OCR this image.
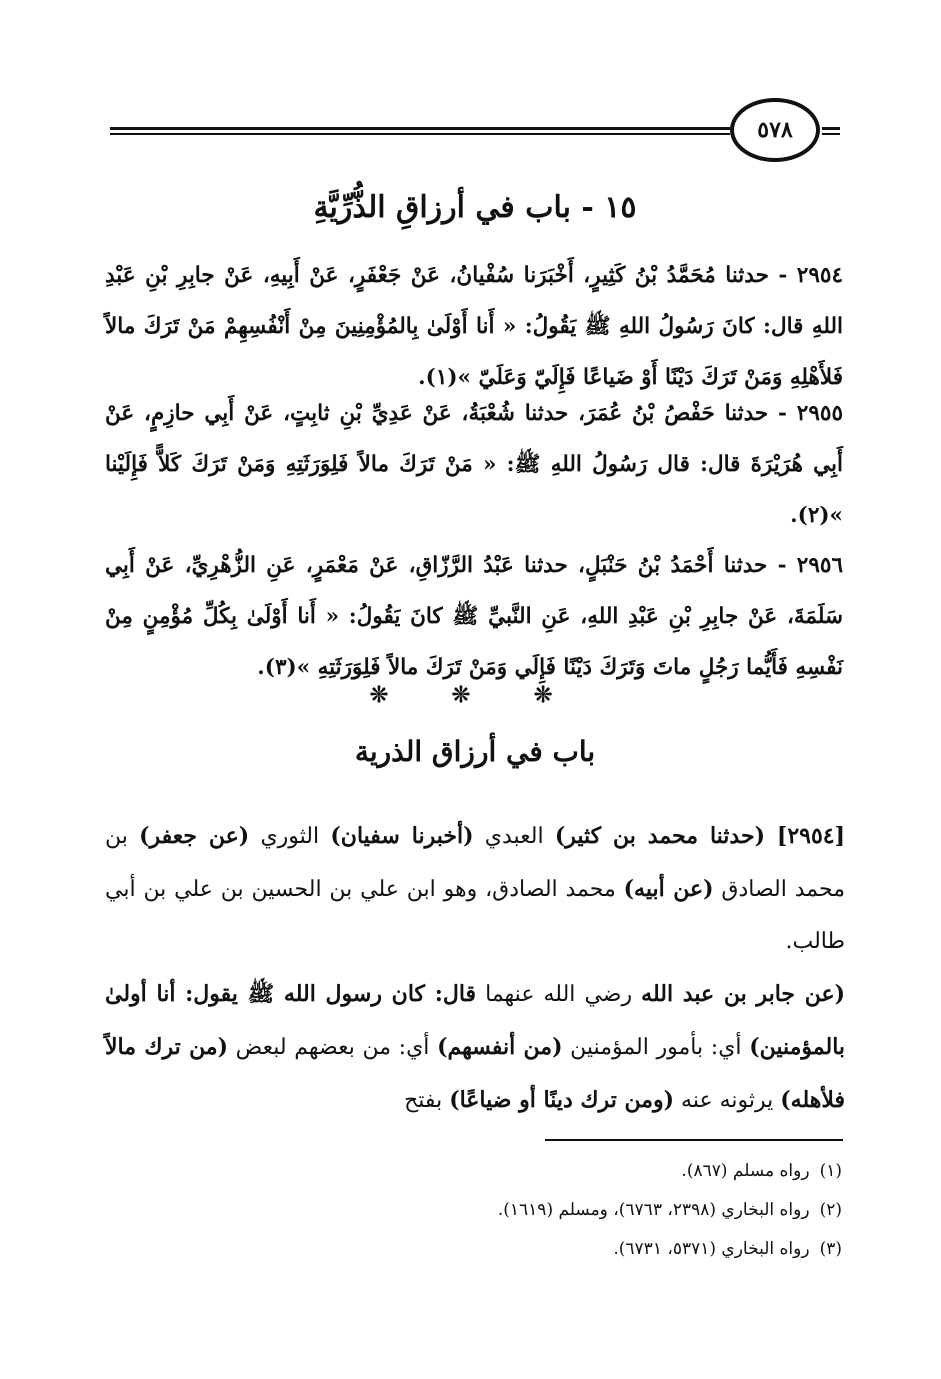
٥٧٨
١٥ - باب في أرزاقِ الذُّرِّيَّةِ
٢٩٥٤ - حدثنا مُحَمَّدُ بْنُ كَثِيرٍ، أَخْبَرَنا سُفْيانُ، عَنْ جَعْفَرٍ، عَنْ أَبِيهِ، عَنْ جابِرِ بْنِ عَبْدِ اللهِ قال: كانَ رَسُولُ اللهِ ﷺ يَقُولُ: « أَنا أَوْلَىٰ بِالمُؤْمِنِينَ مِنْ أَنْفُسِهِمْ مَنْ تَرَكَ مالاً فَلأَهْلِهِ وَمَنْ تَرَكَ دَيْنًا أَوْ ضَياعًا فَإِلَيّ وَعَلَيّ »(١).
٢٩٥٥ - حدثنا حَفْصُ بْنُ عُمَرَ، حدثنا شُعْبَةُ، عَنْ عَدِيِّ بْنِ ثابِتٍ، عَنْ أَبِي حازِمٍ، عَنْ أَبِي هُرَيْرَةَ قال: قال رَسُولُ اللهِ ﷺ: « مَنْ تَرَكَ مالاً فَلِوَرَثَتِهِ وَمَنْ تَرَكَ كَلاًّ فَإِلَيْنا »(٢).
٢٩٥٦ - حدثنا أَحْمَدُ بْنُ حَنْبَلٍ، حدثنا عَبْدُ الرَّزّاقِ، عَنْ مَعْمَرٍ، عَنِ الزُّهْرِيِّ، عَنْ أَبِي سَلَمَةَ، عَنْ جابِرِ بْنِ عَبْدِ اللهِ، عَنِ النَّبيِّ ﷺ كانَ يَقُولُ: « أَنا أَوْلَىٰ بِكُلِّ مُؤْمِنٍ مِنْ نَفْسِهِ فَأَيُّما رَجُلٍ ماتَ وَتَرَكَ دَيْنًا فَإِلَي وَمَنْ تَرَكَ مالاً فَلِوَرَثَتِهِ »(٣).
❊ ❊ ❊
باب في أرزاق الذرية
[٢٩٥٤] (حدثنا محمد بن كثير) العبدي (أخبرنا سفيان) الثوري (عن جعفر) بن محمد الصادق (عن أبيه) محمد الصادق، وهو ابن علي بن الحسين بن علي بن أبي طالب.
(عن جابر بن عبد الله رضي الله عنهما قال: كان رسول الله ﷺ يقول: أنا أولىٰ بالمؤمنين) أي: بأمور المؤمنين (من أنفسهم) أي: من بعضهم لبعض (من ترك مالاً فلأهله) يرثونه عنه (ومن ترك دينًا أو ضياعًا) بفتح
(١)رواه مسلم (٨٦٧).
(٢)رواه البخاري (٢٣٩٨، ٦٧٦٣)، ومسلم (١٦١٩).
(٣)رواه البخاري (٥٣٧١، ٦٧٣١).
